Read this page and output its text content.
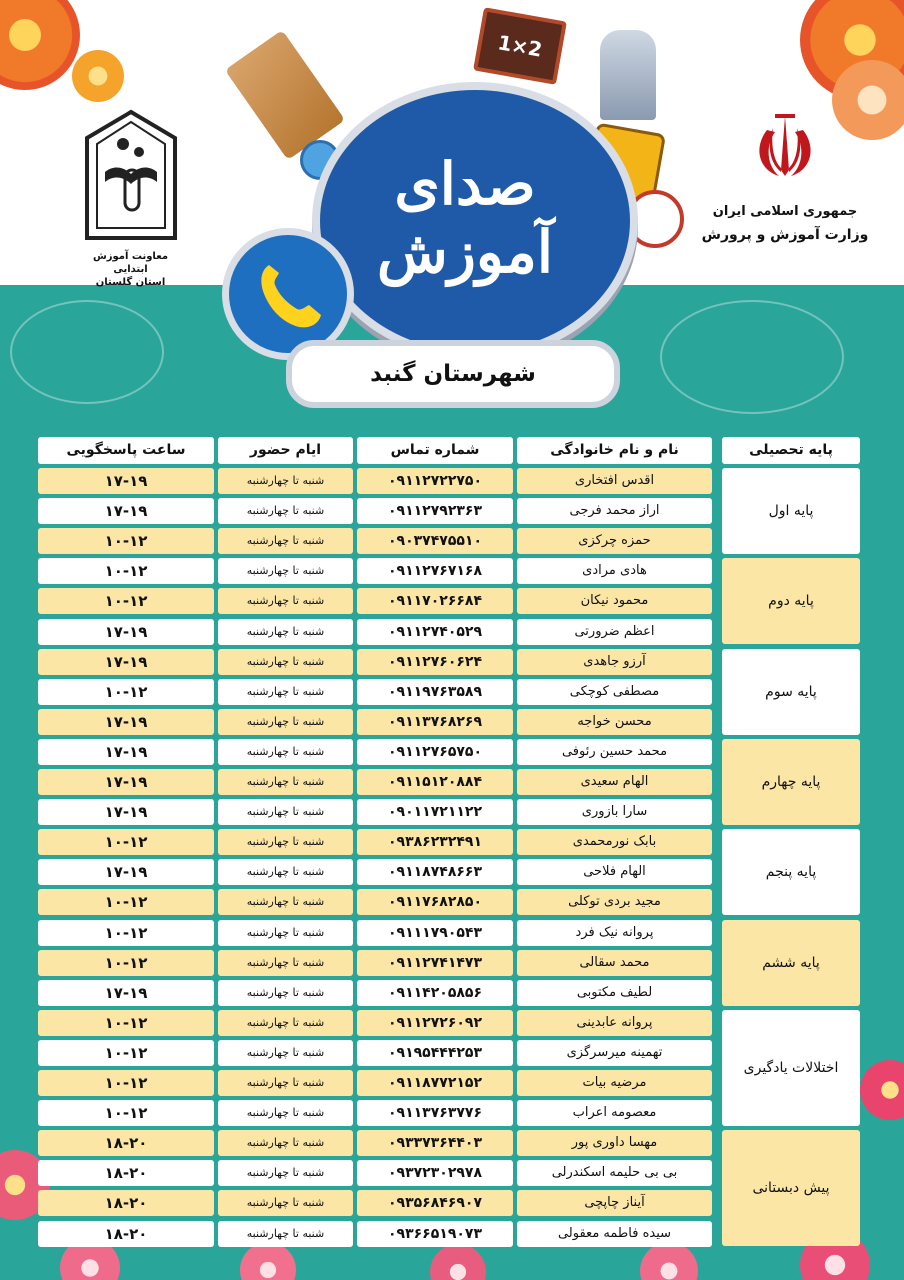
جمهوری اسلامی ایران
وزارت آموزش و پرورش
معاونت آموزش ابتدایی
استان گلستان
1×2
صدای آموزش
شهرستان گنبد
پایه تحصیلی
نام و نام خانوادگی
شماره تماس
ایام حضور
ساعت پاسخگویی
پایه اول
اقدس افتخاری
۰۹۱۱۲۷۲۲۷۵۰
شنبه تا چهارشنبه
۱۷-۱۹
اراز محمد فرجی
۰۹۱۱۲۷۹۲۳۶۳
شنبه تا چهارشنبه
۱۷-۱۹
حمزه چرکزی
۰۹۰۳۷۴۷۵۵۱۰
شنبه تا چهارشنبه
۱۰-۱۲
پایه دوم
هادی مرادی
۰۹۱۱۲۷۶۷۱۶۸
شنبه تا چهارشنبه
۱۰-۱۲
محمود نیکان
۰۹۱۱۷۰۲۶۶۸۴
شنبه تا چهارشنبه
۱۰-۱۲
اعظم ضرورتی
۰۹۱۱۲۷۴۰۵۲۹
شنبه تا چهارشنبه
۱۷-۱۹
پایه سوم
آرزو جاهدی
۰۹۱۱۲۷۶۰۶۲۴
شنبه تا چهارشنبه
۱۷-۱۹
مصطفی کوچکی
۰۹۱۱۹۷۶۳۵۸۹
شنبه تا چهارشنبه
۱۰-۱۲
محسن خواجه
۰۹۱۱۳۷۶۸۲۶۹
شنبه تا چهارشنبه
۱۷-۱۹
پایه چهارم
محمد حسین رئوفی
۰۹۱۱۲۷۶۵۷۵۰
شنبه تا چهارشنبه
۱۷-۱۹
الهام سعیدی
۰۹۱۱۵۱۲۰۸۸۴
شنبه تا چهارشنبه
۱۷-۱۹
سارا بازوری
۰۹۰۱۱۷۲۱۱۲۲
شنبه تا چهارشنبه
۱۷-۱۹
پایه پنجم
بابک نورمحمدی
۰۹۳۸۶۲۳۲۴۹۱
شنبه تا چهارشنبه
۱۰-۱۲
الهام فلاحی
۰۹۱۱۸۷۴۸۶۶۳
شنبه تا چهارشنبه
۱۷-۱۹
مجید بردی توکلی
۰۹۱۱۷۶۸۲۸۵۰
شنبه تا چهارشنبه
۱۰-۱۲
پایه ششم
پروانه نیک فرد
۰۹۱۱۱۷۹۰۵۴۳
شنبه تا چهارشنبه
۱۰-۱۲
محمد سقالی
۰۹۱۱۲۷۴۱۴۷۳
شنبه تا چهارشنبه
۱۰-۱۲
لطیف مکتوبی
۰۹۱۱۴۲۰۵۸۵۶
شنبه تا چهارشنبه
۱۷-۱۹
اختلالات یادگیری
پروانه عابدینی
۰۹۱۱۲۷۲۶۰۹۲
شنبه تا چهارشنبه
۱۰-۱۲
تهمینه میرسرگزی
۰۹۱۹۵۴۴۴۲۵۳
شنبه تا چهارشنبه
۱۰-۱۲
مرضیه بیات
۰۹۱۱۸۷۷۲۱۵۲
شنبه تا چهارشنبه
۱۰-۱۲
معصومه اعراب
۰۹۱۱۳۷۶۳۷۷۶
شنبه تا چهارشنبه
۱۰-۱۲
پیش دبستانی
مهسا داوری پور
۰۹۳۳۷۳۶۴۴۰۳
شنبه تا چهارشنبه
۱۸-۲۰
بی بی حلیمه اسکندرلی
۰۹۳۷۲۳۰۲۹۷۸
شنبه تا چهارشنبه
۱۸-۲۰
آیناز چاپچی
۰۹۳۵۶۸۴۶۹۰۷
شنبه تا چهارشنبه
۱۸-۲۰
سیده فاطمه معقولی
۰۹۳۶۶۵۱۹۰۷۳
شنبه تا چهارشنبه
۱۸-۲۰
